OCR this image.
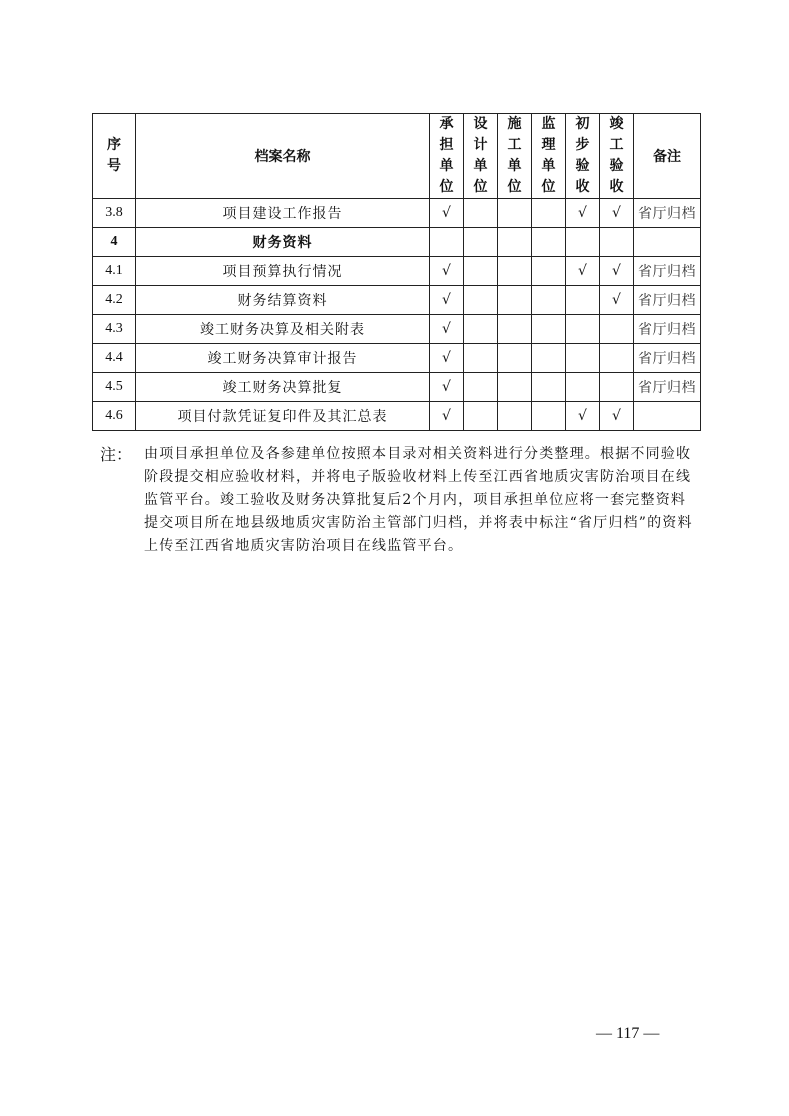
序号	档案名称	承担单位	设计单位	施工单位	监理单位	初步验收	竣工验收	备注
3.8	项目建设工作报告	√				√	√	省厅归档
4	财务资料							
4.1	项目预算执行情况	√				√	√	省厅归档
4.2	财务结算资料	√					√	省厅归档
4.3	竣工财务决算及相关附表	√						省厅归档
4.4	竣工财务决算审计报告	√						省厅归档
4.5	竣工财务决算批复	√						省厅归档
4.6	项目付款凭证复印件及其汇总表	√				√	√	
注： 由项目承担单位及各参建单位按照本目录对相关资料进行分类整理。根据不同验收阶段提交相应验收材料，并将电子版验收材料上传至江西省地质灾害防治项目在线监管平台。竣工验收及财务决算批复后2个月内，项目承担单位应将一套完整资料提交项目所在地县级地质灾害防治主管部门归档，并将表中标注“省厅归档”的资料上传至江西省地质灾害防治项目在线监管平台。
— 117 —
